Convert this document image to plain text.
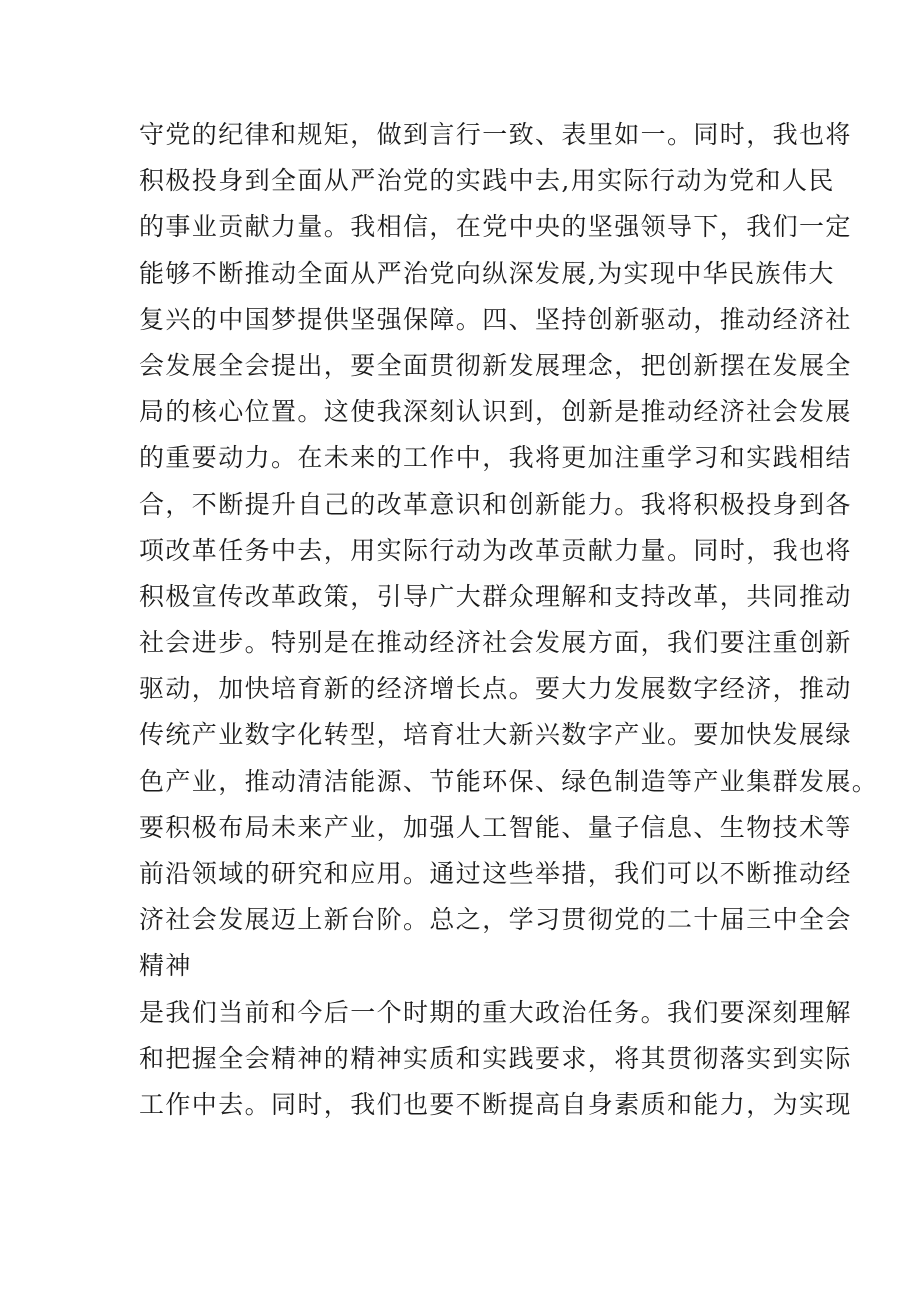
守党的纪律和规矩，做到言行一致、表里如一。同时，我也将
积极投身到全面从严治党的实践中去,用实际行动为党和人民
的事业贡献力量。我相信，在党中央的坚强领导下，我们一定
能够不断推动全面从严治党向纵深发展,为实现中华民族伟大
复兴的中国梦提供坚强保障。四、坚持创新驱动，推动经济社
会发展全会提出，要全面贯彻新发展理念，把创新摆在发展全
局的核心位置。这使我深刻认识到，创新是推动经济社会发展
的重要动力。在未来的工作中，我将更加注重学习和实践相结
合，不断提升自己的改革意识和创新能力。我将积极投身到各
项改革任务中去，用实际行动为改革贡献力量。同时，我也将
积极宣传改革政策，引导广大群众理解和支持改革，共同推动
社会进步。特别是在推动经济社会发展方面，我们要注重创新
驱动，加快培育新的经济增长点。要大力发展数字经济，推动
传统产业数字化转型，培育壮大新兴数字产业。要加快发展绿
色产业，推动清洁能源、节能环保、绿色制造等产业集群发展。
要积极布局未来产业，加强人工智能、量子信息、生物技术等
前沿领域的研究和应用。通过这些举措，我们可以不断推动经
济社会发展迈上新台阶。总之，学习贯彻党的二十届三中全会
精神
是我们当前和今后一个时期的重大政治任务。我们要深刻理解
和把握全会精神的精神实质和实践要求，将其贯彻落实到实际
工作中去。同时，我们也要不断提高自身素质和能力，为实现
